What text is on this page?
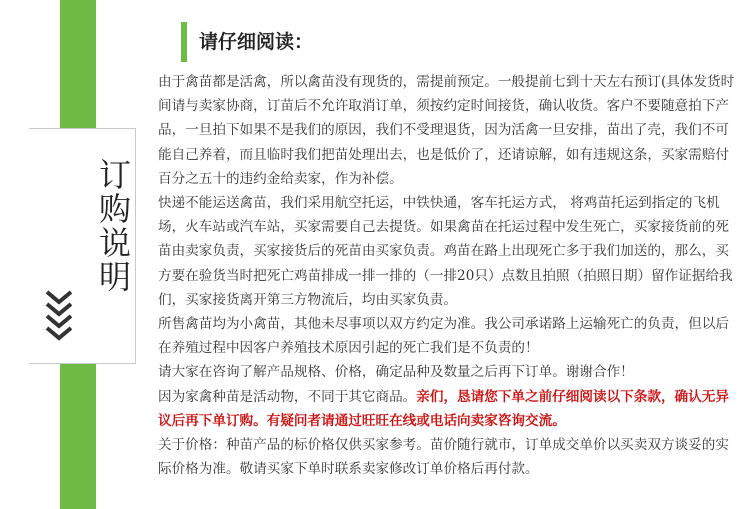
订购说明
请仔细阅读：

由于禽苗都是活禽，所以禽苗没有现货的，需提前预定。一般提前七到十天左右预订(具体发货时间请与卖家协商，订苗后不允许取消订单，须按约定时间接货，确认收货。客户不要随意拍下产品，一旦拍下如果不是我们的原因，我们不受理退货，因为活禽一旦安排，苗出了壳，我们不可能自己养着，而且临时我们把苗处理出去，也是低价了，还请谅解，如有违规这条，买家需赔付百分之五十的违约金给卖家，作为补偿。

快递不能运送禽苗，我们采用航空托运，中铁快通，客车托运方式， 将鸡苗托运到指定的飞机场，火车站或汽车站，买家需要自己去提货。如果禽苗在托运过程中发生死亡，买家接货前的死苗由卖家负责，买家接货后的死苗由买家负责。鸡苗在路上出现死亡多于我们加送的，那么，买方要在验货当时把死亡鸡苗排成一排一排的（一排20只）点数且拍照（拍照日期）留作证据给我们，买家接货离开第三方物流后，均由买家负责。

所售禽苗均为小禽苗，其他未尽事项以双方约定为准。我公司承诺路上运输死亡的负责，但以后在养殖过程中因客户养殖技术原因引起的死亡我们是不负责的！

请大家在咨询了解产品规格、价格，确定品种及数量之后再下订单。谢谢合作！

因为家禽种苗是活动物，不同于其它商品。亲们，恳请您下单之前仔细阅读以下条款，确认无异议后再下单订购。有疑问者请通过旺旺在线或电话向卖家咨询交流。

关于价格：种苗产品的标价格仅供买家参考。苗价随行就市，订单成交单价以买卖双方谈妥的实际价格为准。敬请买家下单时联系卖家修改订单价格后再付款。
